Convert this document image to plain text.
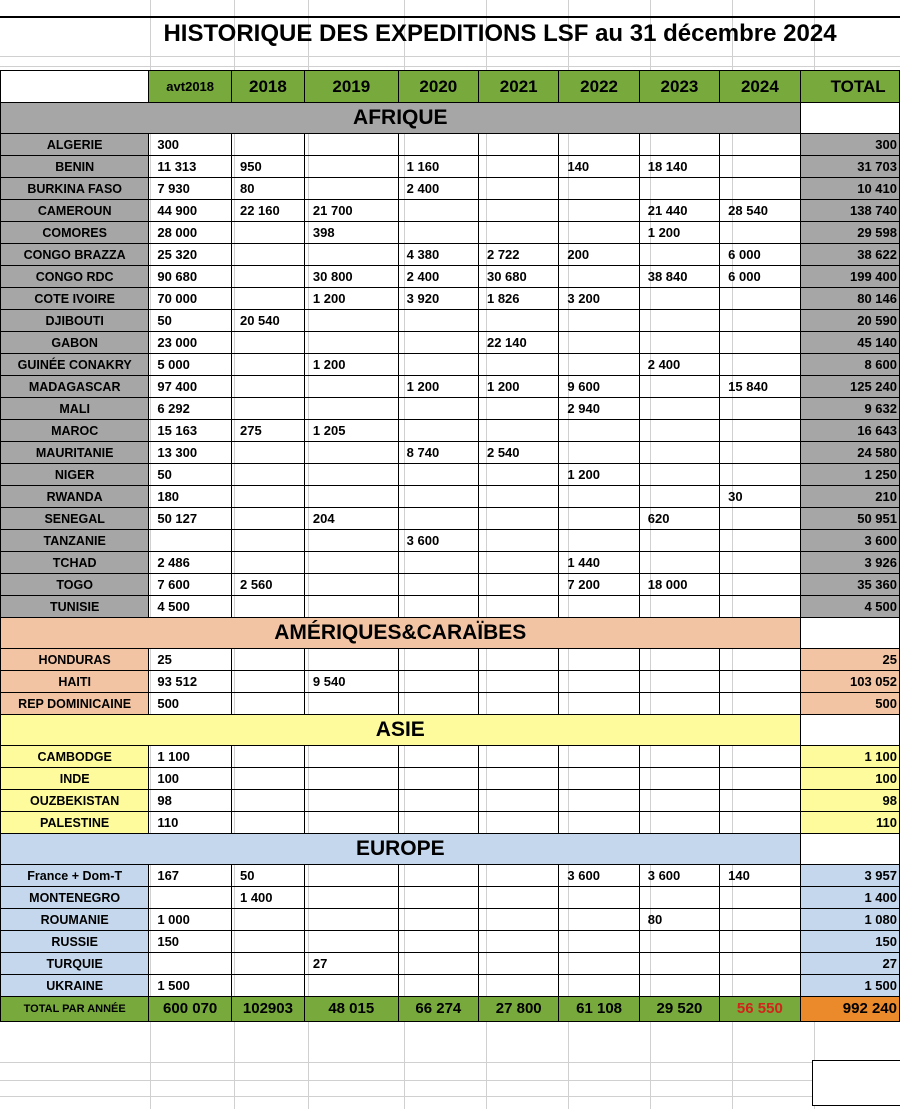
HISTORIQUE DES EXPEDITIONS LSF au 31 décembre 2024
	avt2018	2018	2019	2020	2021	2022	2023	2024	TOTAL
AFRIQUE									
ALGERIE	300								300
BENIN	11 313	950		1 160		140	18 140		31 703
BURKINA FASO	7 930	80		2 400					10 410
CAMEROUN	44 900	22 160	21 700				21 440	28 540	138 740
COMORES	28 000		398				1 200		29 598
CONGO BRAZZA	25 320			4 380	2 722	200		6 000	38 622
CONGO RDC	90 680		30 800	2 400	30 680		38 840	6 000	199 400
COTE IVOIRE	70 000		1 200	3 920	1 826	3 200			80 146
DJIBOUTI	50	20 540							20 590
GABON	23 000				22 140				45 140
GUINÉE CONAKRY	5 000		1 200				2 400		8 600
MADAGASCAR	97 400			1 200	1 200	9 600		15 840	125 240
MALI	6 292					2 940			9 632
MAROC	15 163	275	1 205						16 643
MAURITANIE	13 300			8 740	2 540				24 580
NIGER	50					1 200			1 250
RWANDA	180							30	210
SENEGAL	50 127		204				620		50 951
TANZANIE				3 600					3 600
TCHAD	2 486					1 440			3 926
TOGO	7 600	2 560				7 200	18 000		35 360
TUNISIE	4 500								4 500
AMÉRIQUES&CARAÏBES									
HONDURAS	25								25
HAITI	93 512		9 540						103 052
REP DOMINICAINE	500								500
ASIE									
CAMBODGE	1 100								1 100
INDE	100								100
OUZBEKISTAN	98								98
PALESTINE	110								110
EUROPE									
France + Dom-T	167	50				3 600	3 600	140	3 957
MONTENEGRO		1 400							1 400
ROUMANIE	1 000						80		1 080
RUSSIE	150								150
TURQUIE			27						27
UKRAINE	1 500								1 500
TOTAL PAR ANNÉE	600 070	102903	48 015	66 274	27 800	61 108	29 520	56 550	992 240
